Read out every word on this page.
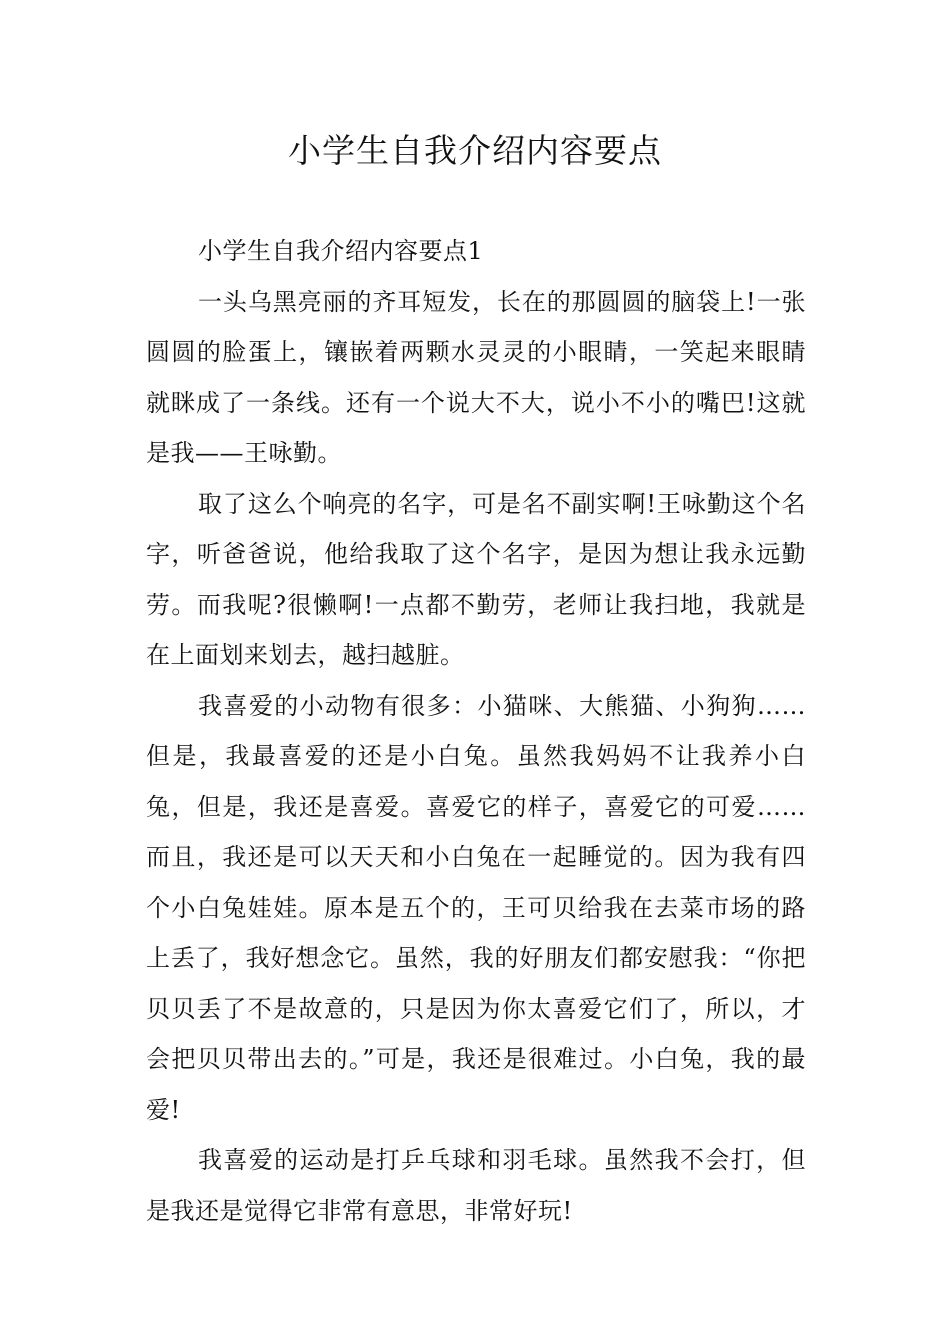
小学生自我介绍内容要点

小学生自我介绍内容要点1

一头乌黑亮丽的齐耳短发，长在的那圆圆的脑袋上!一张圆圆的脸蛋上，镶嵌着两颗水灵灵的小眼睛，一笑起来眼睛就眯成了一条线。还有一个说大不大，说小不小的嘴巴!这就是我——王咏勤。

取了这么个响亮的名字，可是名不副实啊!王咏勤这个名字，听爸爸说，他给我取了这个名字，是因为想让我永远勤劳。而我呢?很懒啊!一点都不勤劳，老师让我扫地，我就是在上面划来划去，越扫越脏。

我喜爱的小动物有很多：小猫咪、大熊猫、小狗狗……但是，我最喜爱的还是小白兔。虽然我妈妈不让我养小白兔，但是，我还是喜爱。喜爱它的样子，喜爱它的可爱……而且，我还是可以天天和小白兔在一起睡觉的。因为我有四个小白兔娃娃。原本是五个的，王可贝给我在去菜市场的路上丢了，我好想念它。虽然，我的好朋友们都安慰我：“你把贝贝丢了不是故意的，只是因为你太喜爱它们了，所以，才会把贝贝带出去的。”可是，我还是很难过。小白兔，我的最爱!

我喜爱的运动是打乒乓球和羽毛球。虽然我不会打，但是我还是觉得它非常有意思，非常好玩!
